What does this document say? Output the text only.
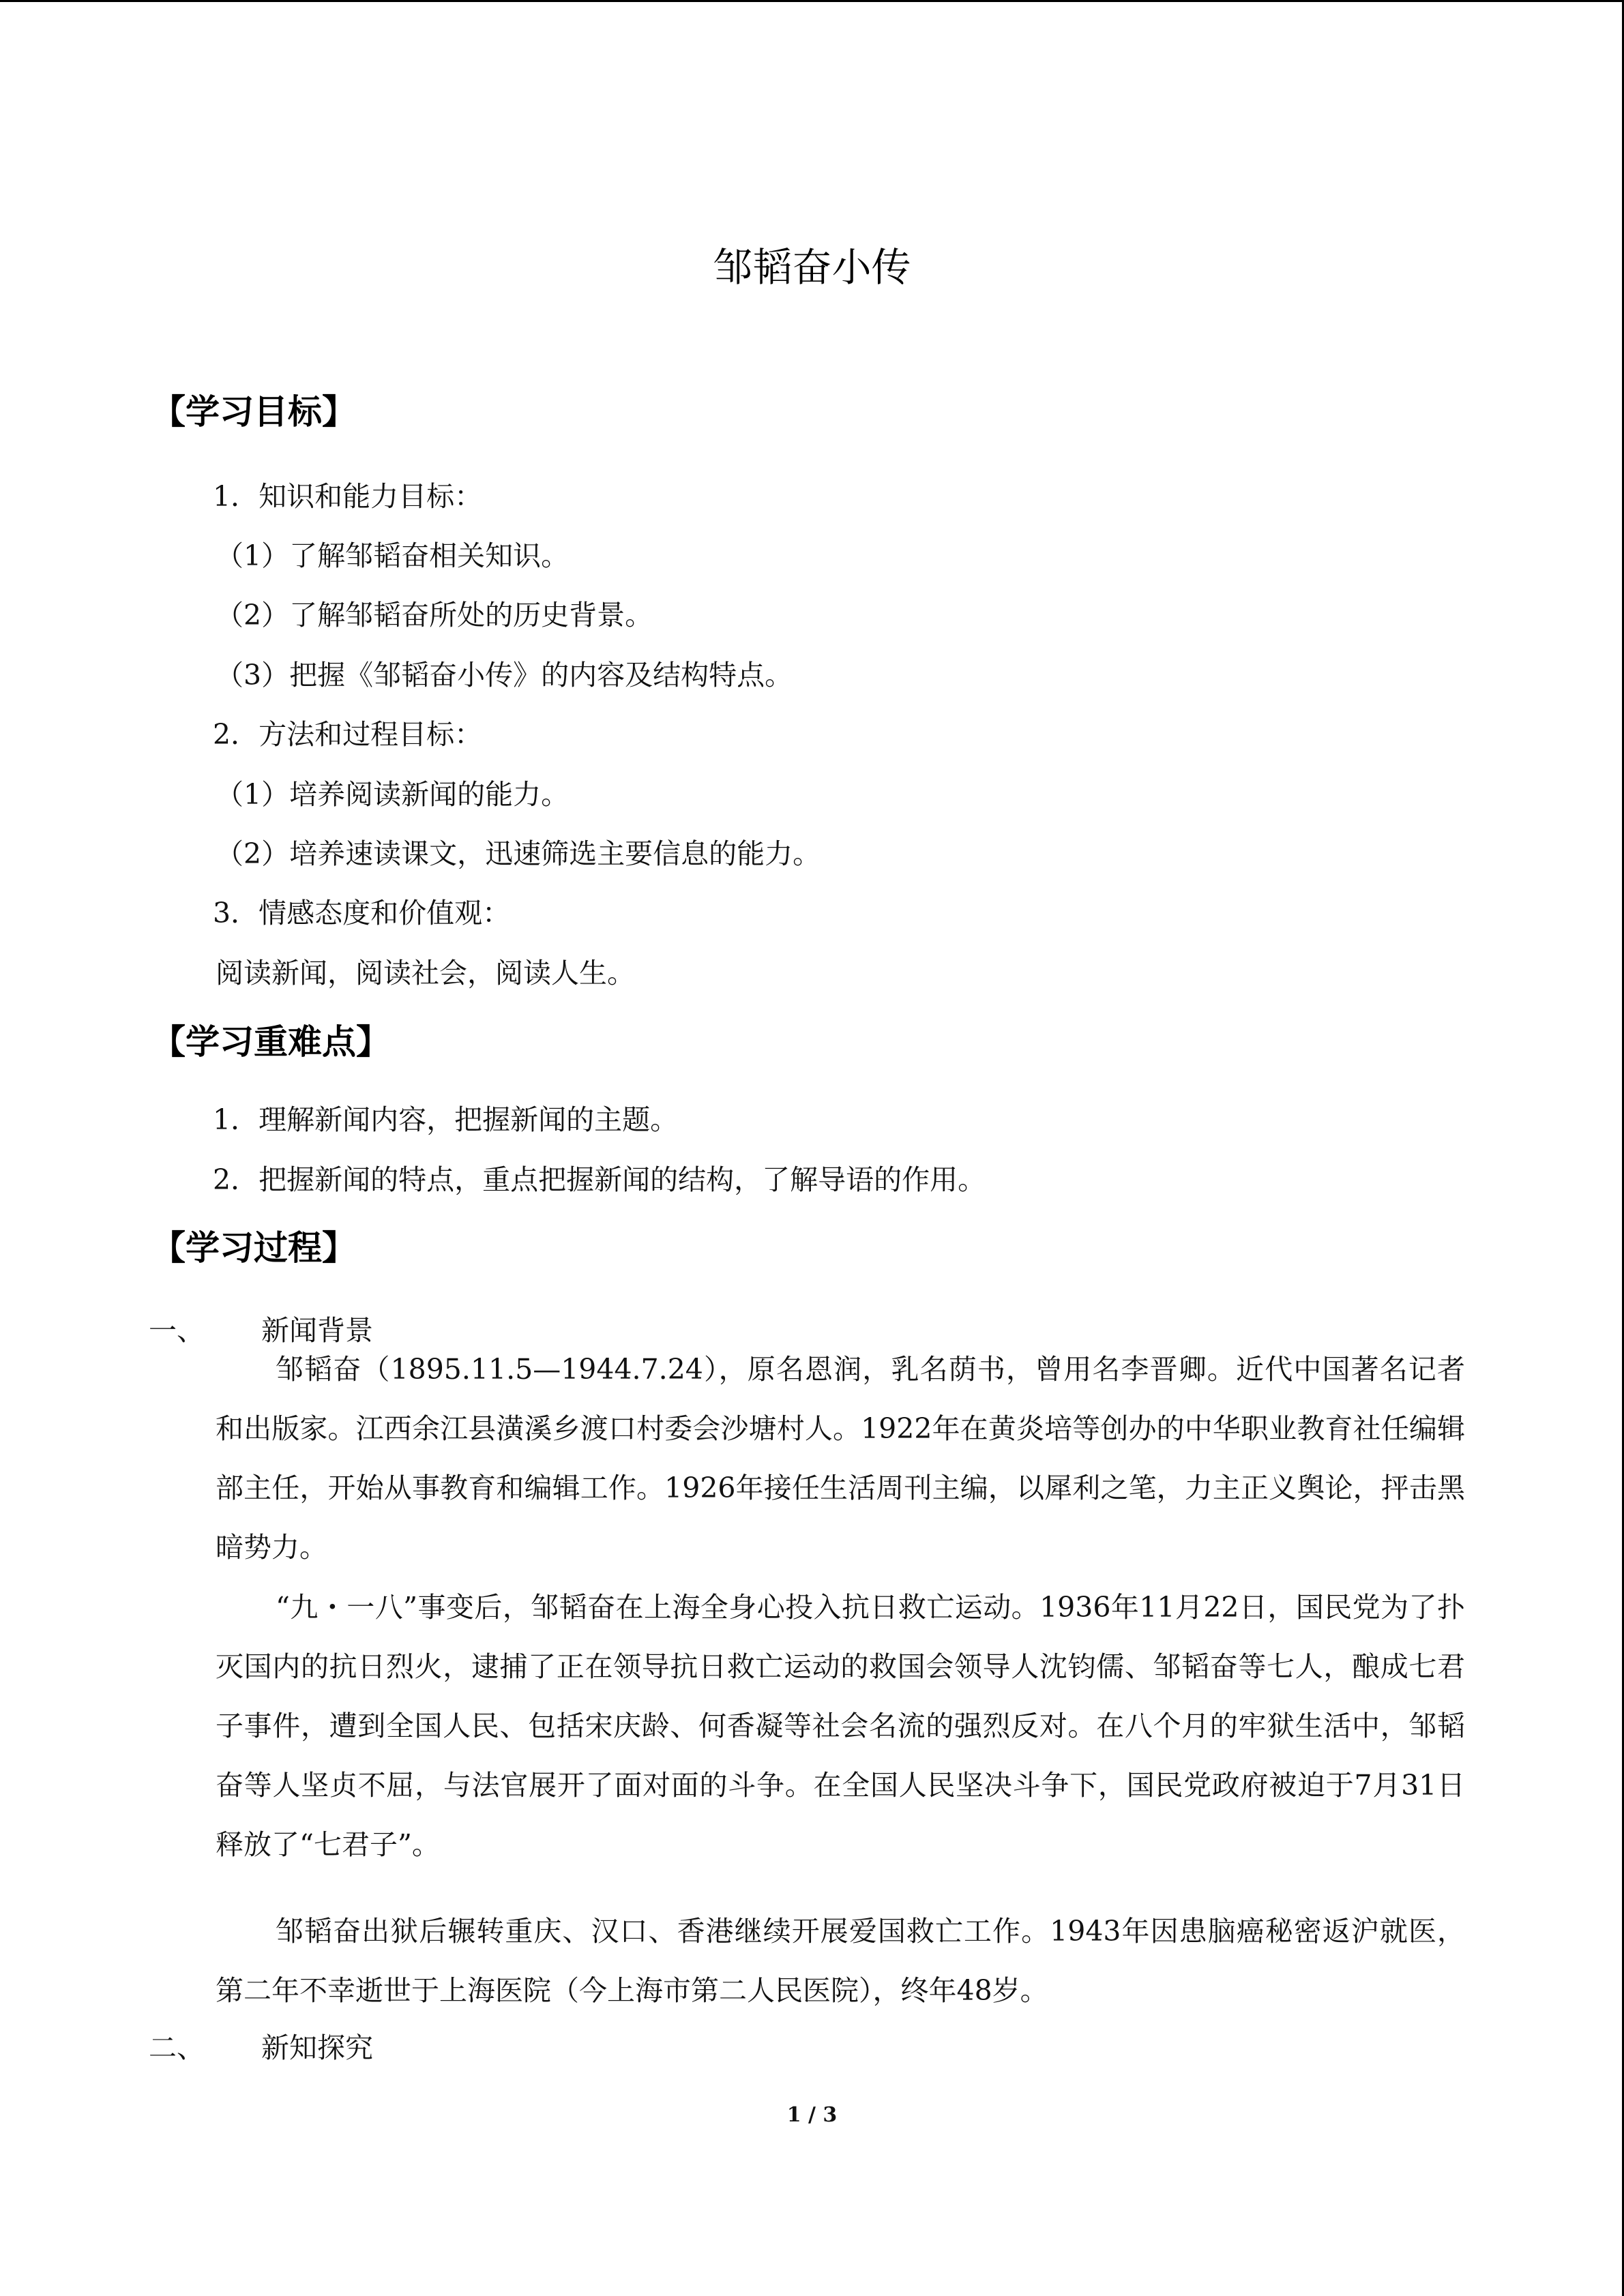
邹韬奋小传
【学习目标】
1．知识和能力目标：
（1）了解邹韬奋相关知识。
（2）了解邹韬奋所处的历史背景。
（3）把握《邹韬奋小传》的内容及结构特点。
2．方法和过程目标：
（1）培养阅读新闻的能力。
（2）培养速读课文，迅速筛选主要信息的能力。
3．情感态度和价值观：
阅读新闻，阅读社会，阅读人生。
【学习重难点】
1．理解新闻内容，把握新闻的主题。
2．把握新闻的特点，重点把握新闻的结构，了解导语的作用。
【学习过程】
一、 新闻背景

邹韬奋（1895.11.5—1944.7.24），原名恩润，乳名荫书，曾用名李晋卿。近代中国著名记者和出版家。江西余江县潢溪乡渡口村委会沙塘村人。1922年在黄炎培等创办的中华职业教育社任编辑部主任，开始从事教育和编辑工作。1926年接任生活周刊主编，以犀利之笔，力主正义舆论，抨击黑暗势力。

“九・一八”事变后，邹韬奋在上海全身心投入抗日救亡运动。1936年11月22日，国民党为了扑灭国内的抗日烈火，逮捕了正在领导抗日救亡运动的救国会领导人沈钧儒、邹韬奋等七人，酿成七君子事件，遭到全国人民、包括宋庆龄、何香凝等社会名流的强烈反对。在八个月的牢狱生活中，邹韬奋等人坚贞不屈，与法官展开了面对面的斗争。在全国人民坚决斗争下，国民党政府被迫于7月31日释放了“七君子”。

邹韬奋出狱后辗转重庆、汉口、香港继续开展爱国救亡工作。1943年因患脑癌秘密返沪就医，第二年不幸逝世于上海医院（今上海市第二人民医院），终年48岁。

二、 新知探究
1 / 3
